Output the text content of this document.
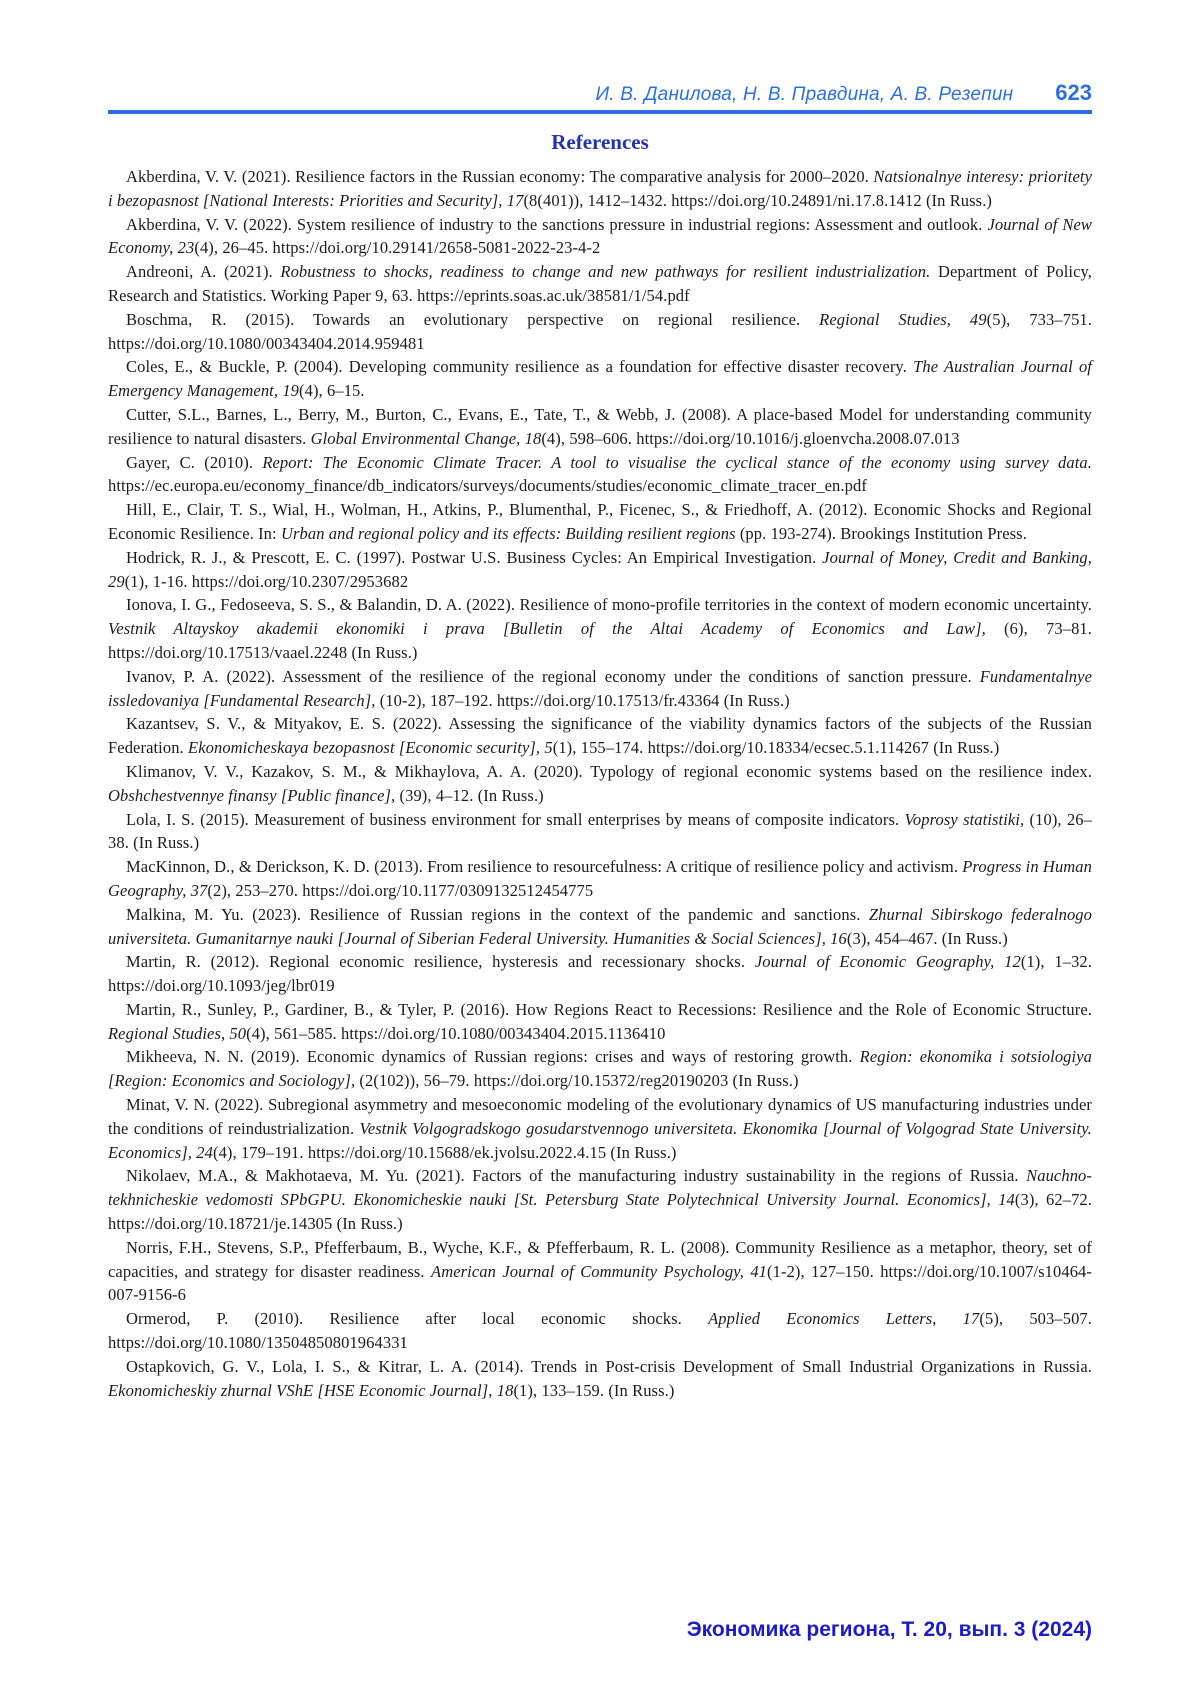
И. В. Данилова, Н. В. Правдина, А. В. Резепин 623
References

Akberdina, V. V. (2021). Resilience factors in the Russian economy: The comparative analysis for 2000–2020. Natsionalnye interesy: prioritety i bezopasnost [National Interests: Priorities and Security], 17(8(401)), 1412–1432. https://doi.org/10.24891/ni.17.8.1412 (In Russ.)

Akberdina, V. V. (2022). System resilience of industry to the sanctions pressure in industrial regions: Assessment and outlook. Journal of New Economy, 23(4), 26–45. https://doi.org/10.29141/2658-5081-2022-23-4-2

Andreoni, A. (2021). Robustness to shocks, readiness to change and new pathways for resilient industrialization. Department of Policy, Research and Statistics. Working Paper 9, 63. https://eprints.soas.ac.uk/38581/1/54.pdf

Boschma, R. (2015). Towards an evolutionary perspective on regional resilience. Regional Studies, 49(5), 733–751. https://doi.org/10.1080/00343404.2014.959481

Coles, E., & Buckle, P. (2004). Developing community resilience as a foundation for effective disaster recovery. The Australian Journal of Emergency Management, 19(4), 6–15.

Cutter, S.L., Barnes, L., Berry, M., Burton, C., Evans, E., Tate, T., & Webb, J. (2008). A place-based Model for understanding community resilience to natural disasters. Global Environmental Change, 18(4), 598–606. https://doi.org/10.1016/j.gloenvcha.2008.07.013

Gayer, C. (2010). Report: The Economic Climate Tracer. A tool to visualise the cyclical stance of the economy using survey data. https://ec.europa.eu/economy_finance/db_indicators/surveys/documents/studies/economic_climate_tracer_en.pdf

Hill, E., Clair, T. S., Wial, H., Wolman, H., Atkins, P., Blumenthal, P., Ficenec, S., & Friedhoff, A. (2012). Economic Shocks and Regional Economic Resilience. In: Urban and regional policy and its effects: Building resilient regions (pp. 193-274). Brookings Institution Press.

Hodrick, R. J., & Prescott, E. C. (1997). Postwar U.S. Business Cycles: An Empirical Investigation. Journal of Money, Credit and Banking, 29(1), 1-16. https://doi.org/10.2307/2953682

Ionova, I. G., Fedoseeva, S. S., & Balandin, D. A. (2022). Resilience of mono-profile territories in the context of modern economic uncertainty. Vestnik Altayskoy akademii ekonomiki i prava [Bulletin of the Altai Academy of Economics and Law], (6), 73–81. https://doi.org/10.17513/vaael.2248 (In Russ.)

Ivanov, P. A. (2022). Assessment of the resilience of the regional economy under the conditions of sanction pressure. Fundamentalnye issledovaniya [Fundamental Research], (10-2), 187–192. https://doi.org/10.17513/fr.43364 (In Russ.)

Kazantsev, S. V., & Mityakov, E. S. (2022). Assessing the significance of the viability dynamics factors of the subjects of the Russian Federation. Ekonomicheskaya bezopasnost [Economic security], 5(1), 155–174. https://doi.org/10.18334/ecsec.5.1.114267 (In Russ.)

Klimanov, V. V., Kazakov, S. M., & Mikhaylova, A. A. (2020). Typology of regional economic systems based on the resilience index. Obshchestvennye finansy [Public finance], (39), 4–12. (In Russ.)

Lola, I. S. (2015). Measurement of business environment for small enterprises by means of composite indicators. Voprosy statistiki, (10), 26–38. (In Russ.)

MacKinnon, D., & Derickson, K. D. (2013). From resilience to resourcefulness: A critique of resilience policy and activism. Progress in Human Geography, 37(2), 253–270. https://doi.org/10.1177/0309132512454775

Malkina, M. Yu. (2023). Resilience of Russian regions in the context of the pandemic and sanctions. Zhurnal Sibirskogo federalnogo universiteta. Gumanitarnye nauki [Journal of Siberian Federal University. Humanities & Social Sciences], 16(3), 454–467. (In Russ.)

Martin, R. (2012). Regional economic resilience, hysteresis and recessionary shocks. Journal of Economic Geography, 12(1), 1–32. https://doi.org/10.1093/jeg/lbr019

Martin, R., Sunley, P., Gardiner, B., & Tyler, P. (2016). How Regions React to Recessions: Resilience and the Role of Economic Structure. Regional Studies, 50(4), 561–585. https://doi.org/10.1080/00343404.2015.1136410

Mikheeva, N. N. (2019). Economic dynamics of Russian regions: crises and ways of restoring growth. Region: ekonomika i sotsiologiya [Region: Economics and Sociology], (2(102)), 56–79. https://doi.org/10.15372/reg20190203 (In Russ.)

Minat, V. N. (2022). Subregional asymmetry and mesoeconomic modeling of the evolutionary dynamics of US manufacturing industries under the conditions of reindustrialization. Vestnik Volgogradskogo gosudarstvennogo universiteta. Ekonomika [Journal of Volgograd State University. Economics], 24(4), 179–191. https://doi.org/10.15688/ek.jvolsu.2022.4.15 (In Russ.)

Nikolaev, M.A., & Makhotaeva, M. Yu. (2021). Factors of the manufacturing industry sustainability in the regions of Russia. Nauchno-tekhnicheskie vedomosti SPbGPU. Ekonomicheskie nauki [St. Petersburg State Polytechnical University Journal. Economics], 14(3), 62–72. https://doi.org/10.18721/je.14305 (In Russ.)

Norris, F.H., Stevens, S.P., Pfefferbaum, B., Wyche, K.F., & Pfefferbaum, R. L. (2008). Community Resilience as a metaphor, theory, set of capacities, and strategy for disaster readiness. American Journal of Community Psychology, 41(1-2), 127–150. https://doi.org/10.1007/s10464-007-9156-6

Ormerod, P. (2010). Resilience after local economic shocks. Applied Economics Letters, 17(5), 503–507. https://doi.org/10.1080/13504850801964331

Ostapkovich, G. V., Lola, I. S., & Kitrar, L. A. (2014). Trends in Post-crisis Development of Small Industrial Organizations in Russia. Ekonomicheskiy zhurnal VShE [HSE Economic Journal], 18(1), 133–159. (In Russ.)

Экономика региона, Т. 20, вып. 3 (2024)
